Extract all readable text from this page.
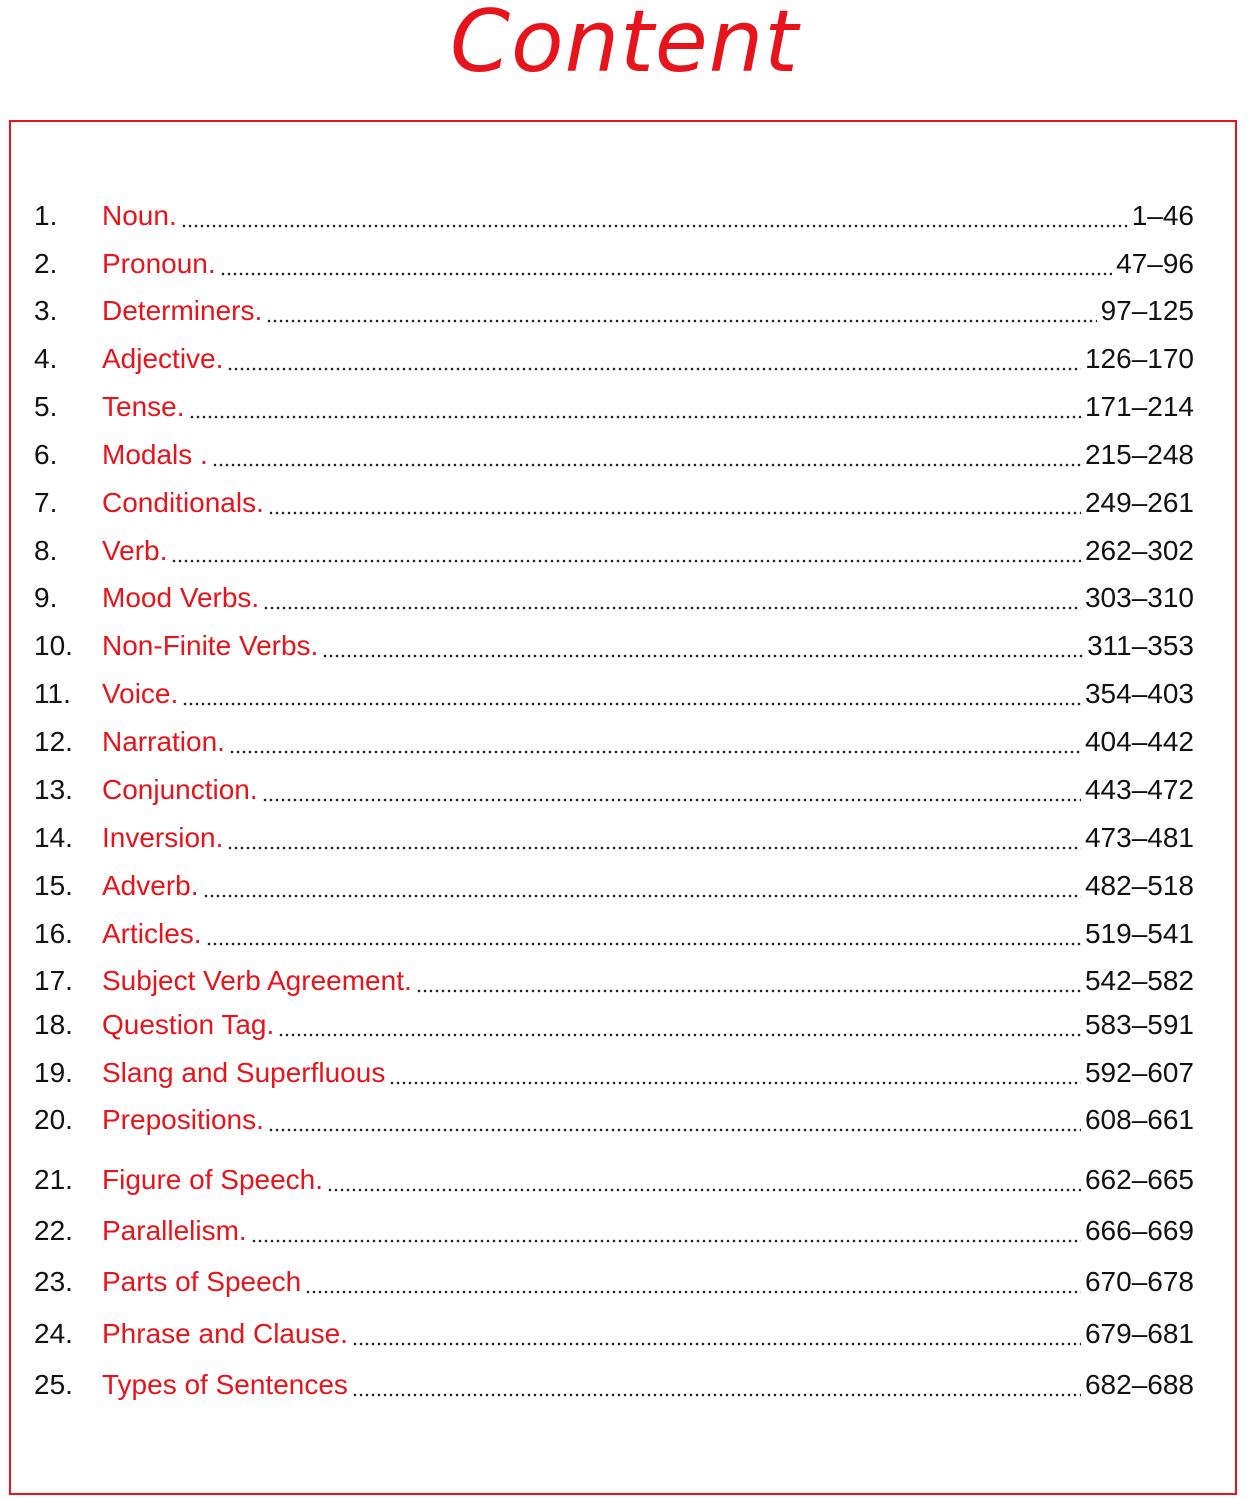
Content
1.	Noun.	1–46
2.	Pronoun.	47–96
3.	Determiners.	97–125
4.	Adjective.	126–170
5.	Tense.	171–214
6.	Modals .	215–248
7.	Conditionals.	249–261
8.	Verb.	262–302
9.	Mood Verbs.	303–310
10.	Non-Finite Verbs.	311–353
11.	Voice.	354–403
12.	Narration.	404–442
13.	Conjunction.	443–472
14.	Inversion.	473–481
15.	Adverb.	482–518
16.	Articles.	519–541
17.	Subject Verb Agreement.	542–582
18.	Question Tag.	583–591
19.	Slang and Superfluous	592–607
20.	Prepositions.	608–661
21.	Figure of Speech.	662–665
22.	Parallelism.	666–669
23.	Parts of Speech	670–678
24.	Phrase and Clause.	679–681
25.	Types of Sentences	682–688
